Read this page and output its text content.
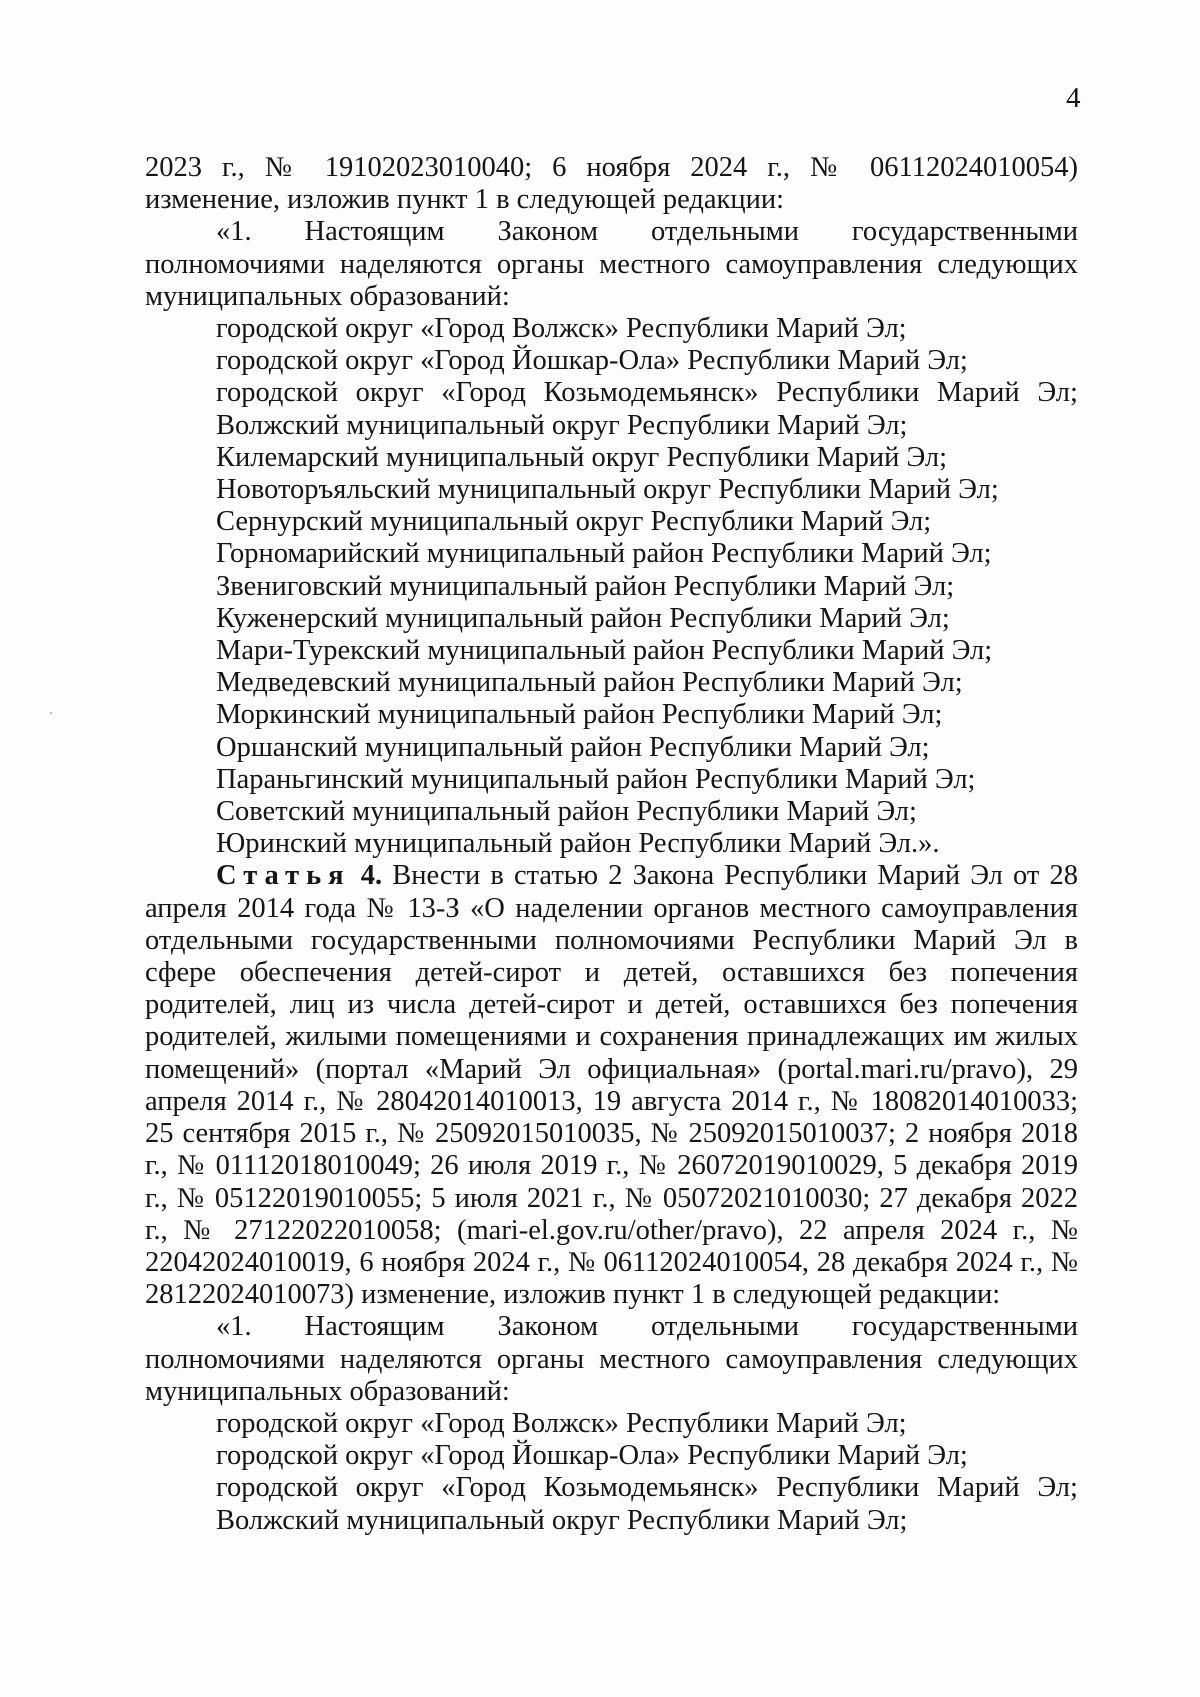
4

2023 г., № 19102023010040; 6 ноября 2024 г., № 06112024010054) изменение, изложив пункт 1 в следующей редакции:

«1. Настоящим Законом отдельными государственными полномочиями наделяются органы местного самоуправления следующих муниципальных образований:

городской округ «Город Волжск» Республики Марий Эл;
городской округ «Город Йошкар-Ола» Республики Марий Эл;
городской округ «Город Козьмодемьянск» Республики Марий Эл;
Волжский муниципальный округ Республики Марий Эл;
Килемарский муниципальный округ Республики Марий Эл;
Новоторъяльский муниципальный округ Республики Марий Эл;
Сернурский муниципальный округ Республики Марий Эл;
Горномарийский муниципальный район Республики Марий Эл;
Звениговский муниципальный район Республики Марий Эл;
Куженерский муниципальный район Республики Марий Эл;
Мари-Турекский муниципальный район Республики Марий Эл;
Медведевский муниципальный район Республики Марий Эл;
Моркинский муниципальный район Республики Марий Эл;
Оршанский муниципальный район Республики Марий Эл;
Параньгинский муниципальный район Республики Марий Эл;
Советский муниципальный район Республики Марий Эл;
Юринский муниципальный район Республики Марий Эл.».

Статья 4. Внести в статью 2 Закона Республики Марий Эл от 28 апреля 2014 года № 13-З «О наделении органов местного самоуправления отдельными государственными полномочиями Республики Марий Эл в сфере обеспечения детей-сирот и детей, оставшихся без попечения родителей, лиц из числа детей-сирот и детей, оставшихся без попечения родителей, жилыми помещениями и сохранения принадлежащих им жилых помещений» (портал «Марий Эл официальная» (portal.mari.ru/pravo), 29 апреля 2014 г., № 28042014010013, 19 августа 2014 г., № 18082014010033; 25 сентября 2015 г., № 25092015010035, № 25092015010037; 2 ноября 2018 г., № 01112018010049; 26 июля 2019 г., № 26072019010029, 5 декабря 2019 г., № 05122019010055; 5 июля 2021 г., № 05072021010030; 27 декабря 2022 г., № 27122022010058; (mari-el.gov.ru/other/pravo), 22 апреля 2024 г., № 22042024010019, 6 ноября 2024 г., № 06112024010054, 28 декабря 2024 г., № 28122024010073) изменение, изложив пункт 1 в следующей редакции:

«1. Настоящим Законом отдельными государственными полномочиями наделяются органы местного самоуправления следующих муниципальных образований:

городской округ «Город Волжск» Республики Марий Эл;
городской округ «Город Йошкар-Ола» Республики Марий Эл;
городской округ «Город Козьмодемьянск» Республики Марий Эл;
Волжский муниципальный округ Республики Марий Эл;
